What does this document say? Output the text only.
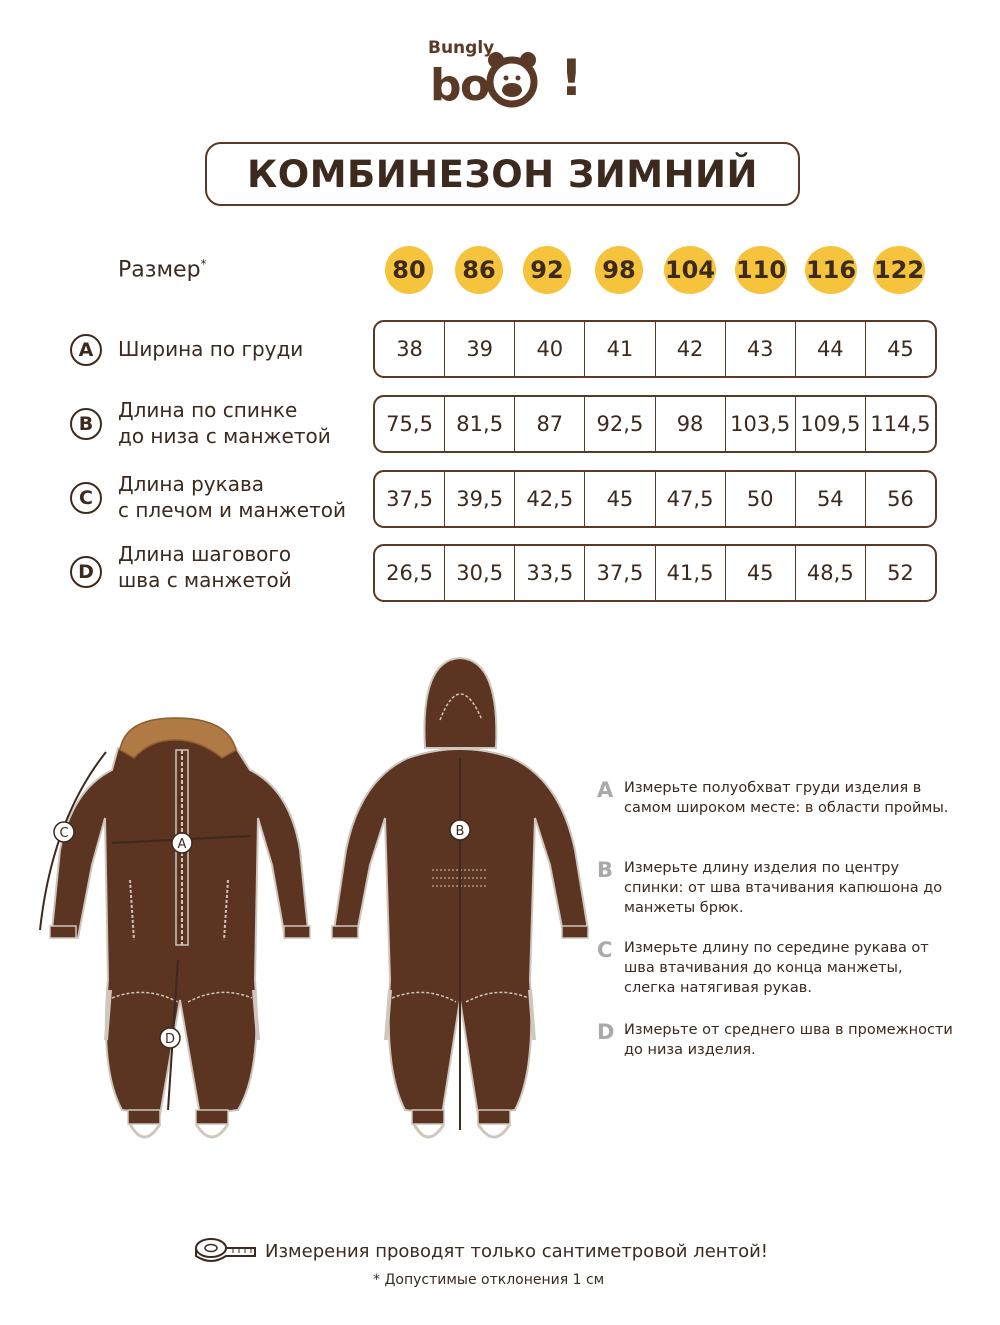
!
b
o
Bungly
КОМБИНЕЗОН ЗИМНИЙ
Размер*	80	86	92	98	104 110 116 122
A	Ширина по груди	38	39	40	41	42	43	44	45
B
Длина по спинке
до низа с манжетой	75,5	81,5	87	92,5	98	103,5 109,5 114,5
C
Длина рукава
с плечом и манжетой	37,5	39,5	42,5	45	47,5	50	54	56
D
Длина шагового
шва с манжетой	26,5	30,5	33,5	37,5	41,5	45	48,5	52
A
C
D
B
A Измерьте полуобхват груди изделия в самом широком месте: в области проймы.
B Измерьте длину изделия по центру спинки: от шва втачивания капюшона до манжеты брюк.
C Измерьте длину по середине рукава от шва втачивания до конца манжеты, слегка натягивая рукав.
D Измерьте от среднего шва в промежности до низа изделия.
Измерения проводят только сантиметровой лентой!
* Допустимые отклонения 1 см
